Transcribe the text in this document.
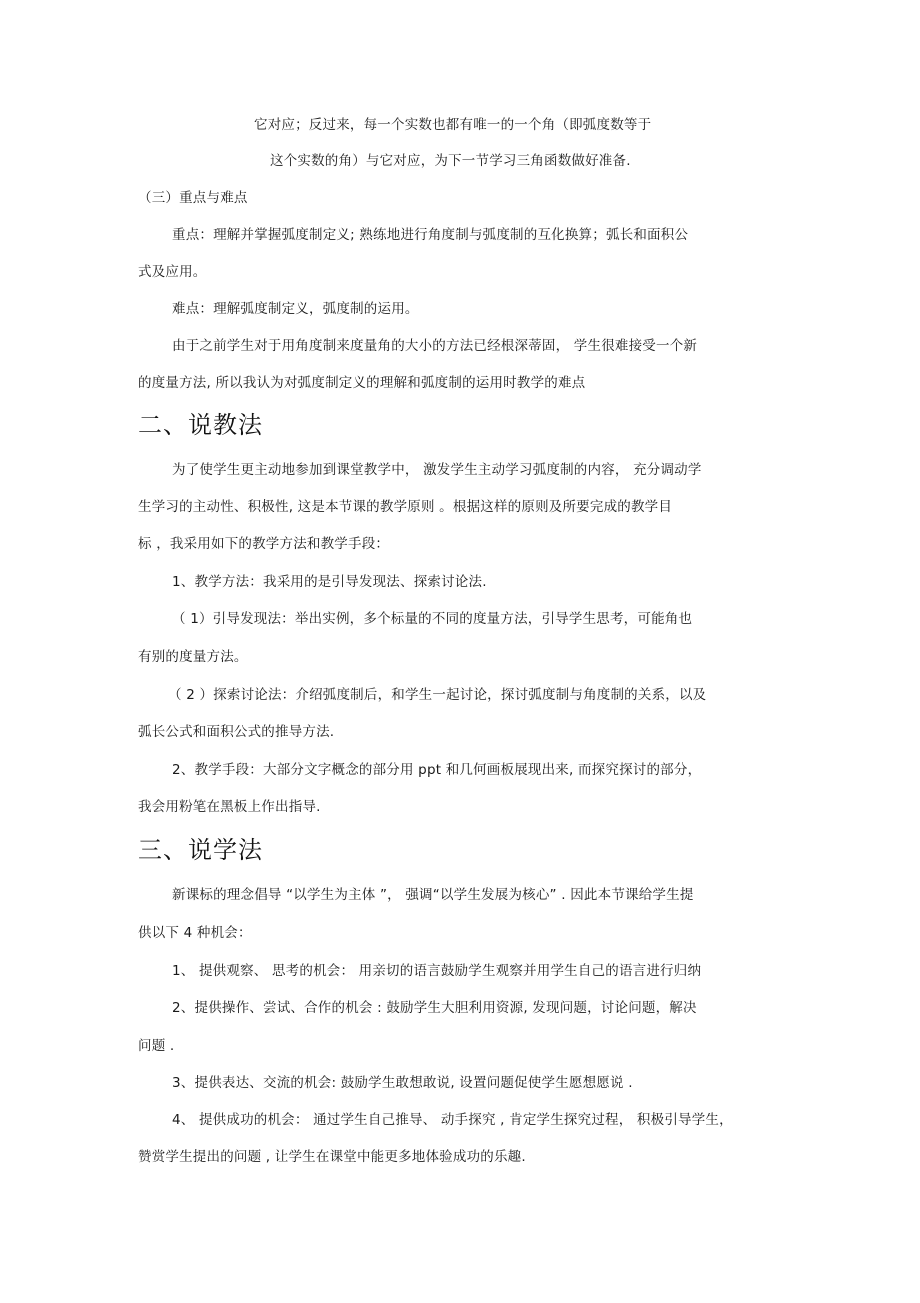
它对应；反过来，每一个实数也都有唯一的一个角（即弧度数等于
这个实数的角）与它对应，为下一节学习三角函数做好准备.
（三）重点与难点
重点：理解并掌握弧度制定义; 熟练地进行角度制与弧度制的互化换算；弧长和面积公
式及应用。
难点：理解弧度制定义，弧度制的运用。
由于之前学生对于用角度制来度量角的大小的方法已经根深蒂固， 学生很难接受一个新
的度量方法, 所以我认为对弧度制定义的理解和弧度制的运用时教学的难点
二、说教法
为了使学生更主动地参加到课堂教学中， 激发学生主动学习弧度制的内容， 充分调动学
生学习的主动性、积极性, 这是本节课的教学原则 。根据这样的原则及所要完成的教学目
标 ，我采用如下的教学方法和教学手段：
1、教学方法：我采用的是引导发现法、探索讨论法.
（ 1）引导发现法：举出实例，多个标量的不同的度量方法，引导学生思考，可能角也
有别的度量方法。
（ 2 ）探索讨论法：介绍弧度制后，和学生一起讨论，探讨弧度制与角度制的关系，以及
弧长公式和面积公式的推导方法.
2、教学手段：大部分文字概念的部分用 ppt 和几何画板展现出来, 而探究探讨的部分，
我会用粉笔在黑板上作出指导.
三、说学法
新课标的理念倡导 “以学生为主体 ”， 强调“以学生发展为核心” . 因此本节课给学生提
供以下 4 种机会：
1、 提供观察、 思考的机会： 用亲切的语言鼓励学生观察并用学生自己的语言进行归纳
2、提供操作、尝试、合作的机会 : 鼓励学生大胆利用资源, 发现问题，讨论问题，解决
问题 .
3、提供表达、交流的机会: 鼓励学生敢想敢说, 设置问题促使学生愿想愿说 .
4、 提供成功的机会： 通过学生自己推导、 动手探究 , 肯定学生探究过程， 积极引导学生，
赞赏学生提出的问题 , 让学生在课堂中能更多地体验成功的乐趣.
